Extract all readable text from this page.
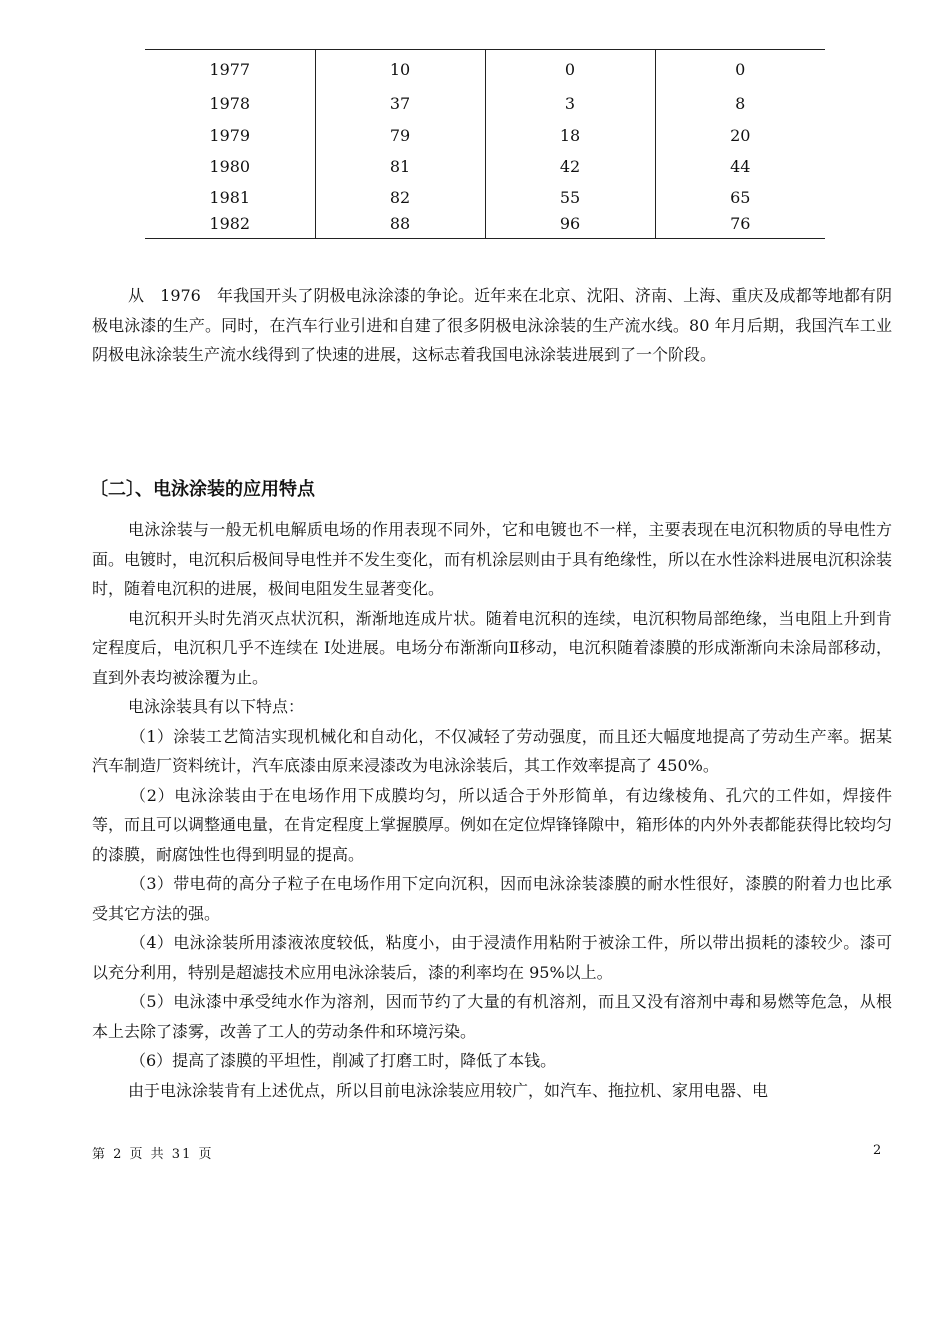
1977	10	0	0
1978	37	3	8
1979	79	18	20
1980	81	42	44
1981	82	55	65
1982	88	96	76

从　1976　年我国开头了阴极电泳涂漆的争论。近年来在北京、沈阳、济南、上海、重庆及成都等地都有阴极电泳漆的生产。同时，在汽车行业引进和自建了很多阴极电泳涂装的生产流水线。80 年月后期，我国汽车工业阴极电泳涂装生产流水线得到了快速的进展，这标志着我国电泳涂装进展到了一个阶段。

〔二〕、电泳涂装的应用特点

电泳涂装与一般无机电解质电场的作用表现不同外，它和电镀也不一样，主要表现在电沉积物质的导电性方面。电镀时，电沉积后极间导电性并不发生变化，而有机涂层则由于具有绝缘性，所以在水性涂料进展电沉积涂装时，随着电沉积的进展，极间电阻发生显著变化。

电沉积开头时先消灭点状沉积，渐渐地连成片状。随着电沉积的连续，电沉积物局部绝缘，当电阻上升到肯定程度后，电沉积几乎不连续在 Ⅰ处进展。电场分布渐渐向Ⅱ移动，电沉积随着漆膜的形成渐渐向未涂局部移动，直到外表均被涂覆为止。

电泳涂装具有以下特点：

（1）涂装工艺简洁实现机械化和自动化，不仅减轻了劳动强度，而且还大幅度地提高了劳动生产率。据某汽车制造厂资料统计，汽车底漆由原来浸漆改为电泳涂装后，其工作效率提高了 450%。

（2）电泳涂装由于在电场作用下成膜均匀，所以适合于外形简单，有边缘棱角、孔穴的工件如，焊接件等，而且可以调整通电量，在肯定程度上掌握膜厚。例如在定位焊锋锋隙中，箱形体的内外外表都能获得比较均匀的漆膜，耐腐蚀性也得到明显的提高。

（3）带电荷的高分子粒子在电场作用下定向沉积，因而电泳涂装漆膜的耐水性很好，漆膜的附着力也比承受其它方法的强。

（4）电泳涂装所用漆液浓度较低，粘度小，由于浸渍作用粘附于被涂工件，所以带出损耗的漆较少。漆可以充分利用，特别是超滤技术应用电泳涂装后，漆的利率均在 95%以上。

（5）电泳漆中承受纯水作为溶剂，因而节约了大量的有机溶剂，而且又没有溶剂中毒和易燃等危急，从根本上去除了漆雾，改善了工人的劳动条件和环境污染。

（6）提高了漆膜的平坦性，削减了打磨工时，降低了本钱。

由于电泳涂装肯有上述优点，所以目前电泳涂装应用较广，如汽车、拖拉机、家用电器、电

第 2 页 共 31 页	2
